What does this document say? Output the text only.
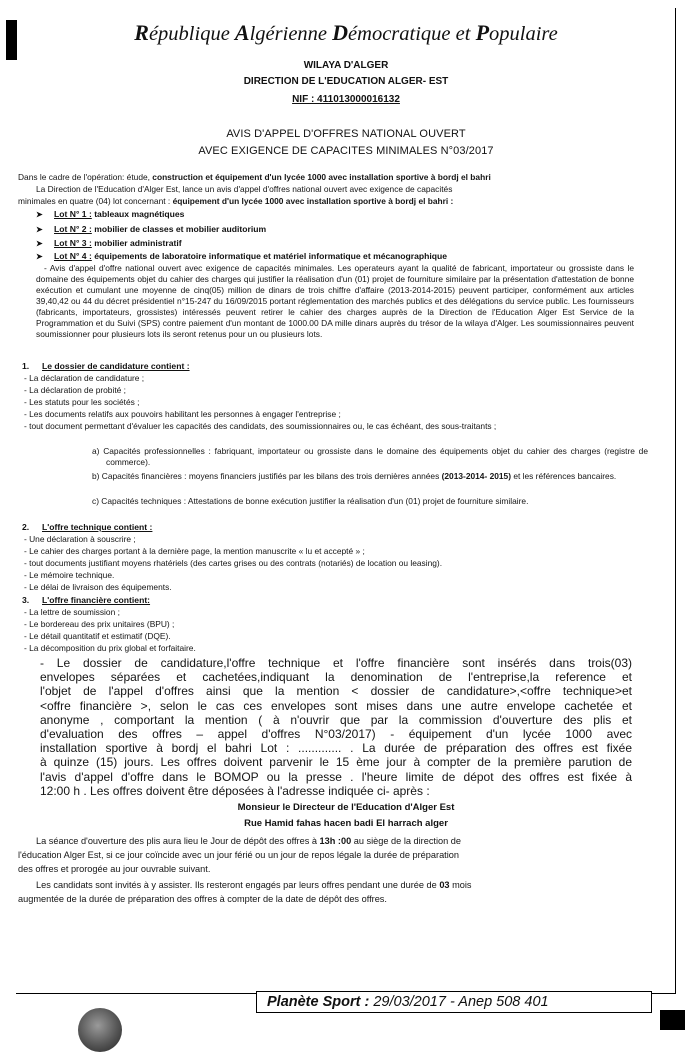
République Algérienne Démocratique et Populaire
WILAYA D'ALGER
DIRECTION DE L'EDUCATION ALGER- EST
NIF : 411013000016132
AVIS D'APPEL D'OFFRES NATIONAL OUVERT
AVEC EXIGENCE DE CAPACITES MINIMALES N°03/2017
Dans le cadre de l'opération: étude, construction et équipement d'un lycée 1000 avec installation sportive à bordj el bahri
La Direction de l'Education d'Alger Est, lance un avis d'appel d'offres national ouvert avec exigence de capacités
minimales en quatre (04) lot concernant : équipement d'un lycée 1000 avec installation sportive à bordj el bahri :
➤ Lot N° 1 : tableaux magnétiques
➤ Lot N° 2 : mobilier de classes et mobilier auditorium
➤ Lot N° 3 : mobilier administratif
➤ Lot N° 4 : équipements de laboratoire informatique et matériel informatique et mécanographique
- Avis d'appel d'offre national ouvert avec exigence de capacités minimales. Les operateurs ayant la qualité de fabricant, importateur ou grossiste dans le domaine des équipements objet du cahier des charges qui justifier la réalisation d'un (01) projet de fourniture similaire par la présentation d'attestation de bonne exécution et cumulant une moyenne de cinq(05) million de dinars de trois chiffre d'affaire (2013-2014-2015) peuvent participer, conformément aux articles 39,40,42 ou 44 du décret présidentiel n°15-247 du 16/09/2015 portant réglementation des marchés publics et des délégations du service public. Les fournisseurs (fabricants, importateurs, grossistes) intéressés peuvent retirer le cahier des charges auprès de la Direction de l'Education Alger Est Service de la Programmation et du Suivi (SPS) contre paiement d'un montant de 1000.00 DA mille dinars auprès du trésor de la wilaya d'Alger. Les soumissionnaires peuvent soumissionner pour plusieurs lots ils seront retenus pour un ou plusieurs lots.
1. Le dossier de candidature contient :
- La déclaration de candidature ;
- La déclaration de probité ;
- Les statuts pour les sociétés ;
- Les documents relatifs aux pouvoirs habilitant les personnes à engager l'entreprise ;
- tout document permettant d'évaluer les capacités des candidats, des soumissionnaires ou, le cas échéant, des sous-traitants ;
a) Capacités professionnelles : fabriquant, importateur ou grossiste dans le domaine des équipements objet du cahier des charges (registre de commerce).
b) Capacités financières : moyens financiers justifiés par les bilans des trois dernières années (2013-2014- 2015) et les références bancaires.
c) Capacités techniques : Attestations de bonne exécution justifier la réalisation d'un (01) projet de fourniture similaire.
2. L'offre technique contient :
- Une déclaration à souscrire ;
- Le cahier des charges portant à la dernière page, la mention manuscrite « lu et accepté » ;
- tout documents justifiant moyens rhatériels (des cartes grises ou des contrats (notariés) de location ou leasing).
- Le mémoire technique.
- Le délai de livraison des équipements.
3. L'offre financière contient:
- La lettre de soumission ;
- Le bordereau des prix unitaires (BPU) ;
- Le détail quantitatif et estimatif (DQE).
- La décomposition du prix global et forfaitaire.
- Le dossier de candidature,l'offre technique et l'offre financière sont insérés dans trois(03)
envelopes séparées et cachetées,indiquant la denomination de l'entreprise,la reference et
l'objet de l'appel d'offres ainsi que la mention < dossier de candidature>,<offre technique>et
<offre financière >, selon le cas ces envelopes sont mises dans une autre envelope cachetée et
anonyme , comportant la mention ( à n'ouvrir que par la commission d'ouverture des plis et
d'evaluation des offres – appel d'offres N°03/2017) - équipement d'un lycée 1000 avec
installation sportive à bordj el bahri Lot : ............. . La durée de préparation des offres est fixée
à quinze (15) jours. Les offres doivent parvenir le 15 ème jour à compter de la première parution de
l'avis d'appel d'offre dans le BOMOP ou la presse . l'heure limite de dépot des offres est fixée à
12:00 h . Les offres doivent être déposées à l'adresse indiquée ci- après :
Monsieur le Directeur de l'Education d'Alger Est
Rue Hamid fahas hacen badi El harrach alger
La séance d'ouverture des plis aura lieu le Jour de dépôt des offres à 13h :00 au siège de la direction de
l'éducation Alger Est, si ce jour coïncide avec un jour férié ou un jour de repos légale la durée de préparation
des offres et prorogée au jour ouvrable suivant.
Les candidats sont invités à y assister. Ils resteront engagés par leurs offres pendant une durée de 03 mois
augmentée de la durée de préparation des offres à compter de la date de dépôt des offres.
Planète Sport : 29/03/2017 - Anep 508 401
